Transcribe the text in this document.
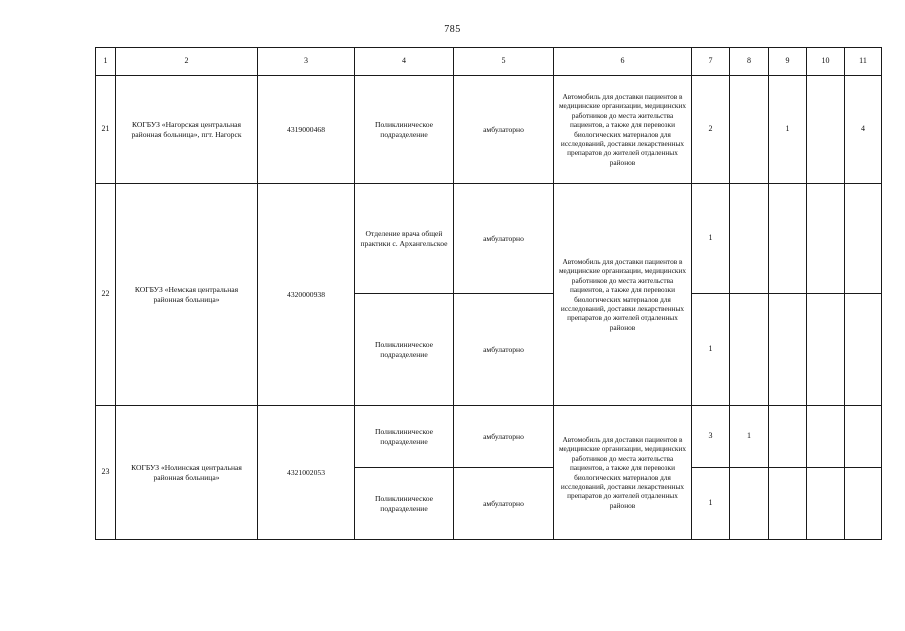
785
1	2	3	4	5	6	7	8	9	10	11
21	КОГБУЗ «Нагорская центральная районная больница», пгт. Нагорск	4319000468	Поликлиническое подразделение	амбулаторно	Автомобиль для доставки пациентов в медицинские организации, медицинских работников до места жительства пациентов, а также для перевозки биологических материалов для исследований, доставки лекарственных препаратов до жителей отдаленных районов	2		1		4
22	КОГБУЗ «Немская центральная районная больница»	4320000938	Отделение врача общей практики с. Архангельское	амбулаторно	Автомобиль для доставки пациентов в медицинские организации, медицинских работников до места жительства пациентов, а также для перевозки биологических материалов для исследований, доставки лекарственных препаратов до жителей отдаленных районов	1				
			Поликлиническое подразделение	амбулаторно		1				
23	КОГБУЗ «Нолинская центральная районная больница»	4321002053	Поликлиническое подразделение	амбулаторно	Автомобиль для доставки пациентов в медицинские организации, медицинских работников до места жительства пациентов, а также для перевозки биологических материалов для исследований, доставки лекарственных препаратов до жителей отдаленных районов	3	1			
			Поликлиническое подразделение	амбулаторно		1				
